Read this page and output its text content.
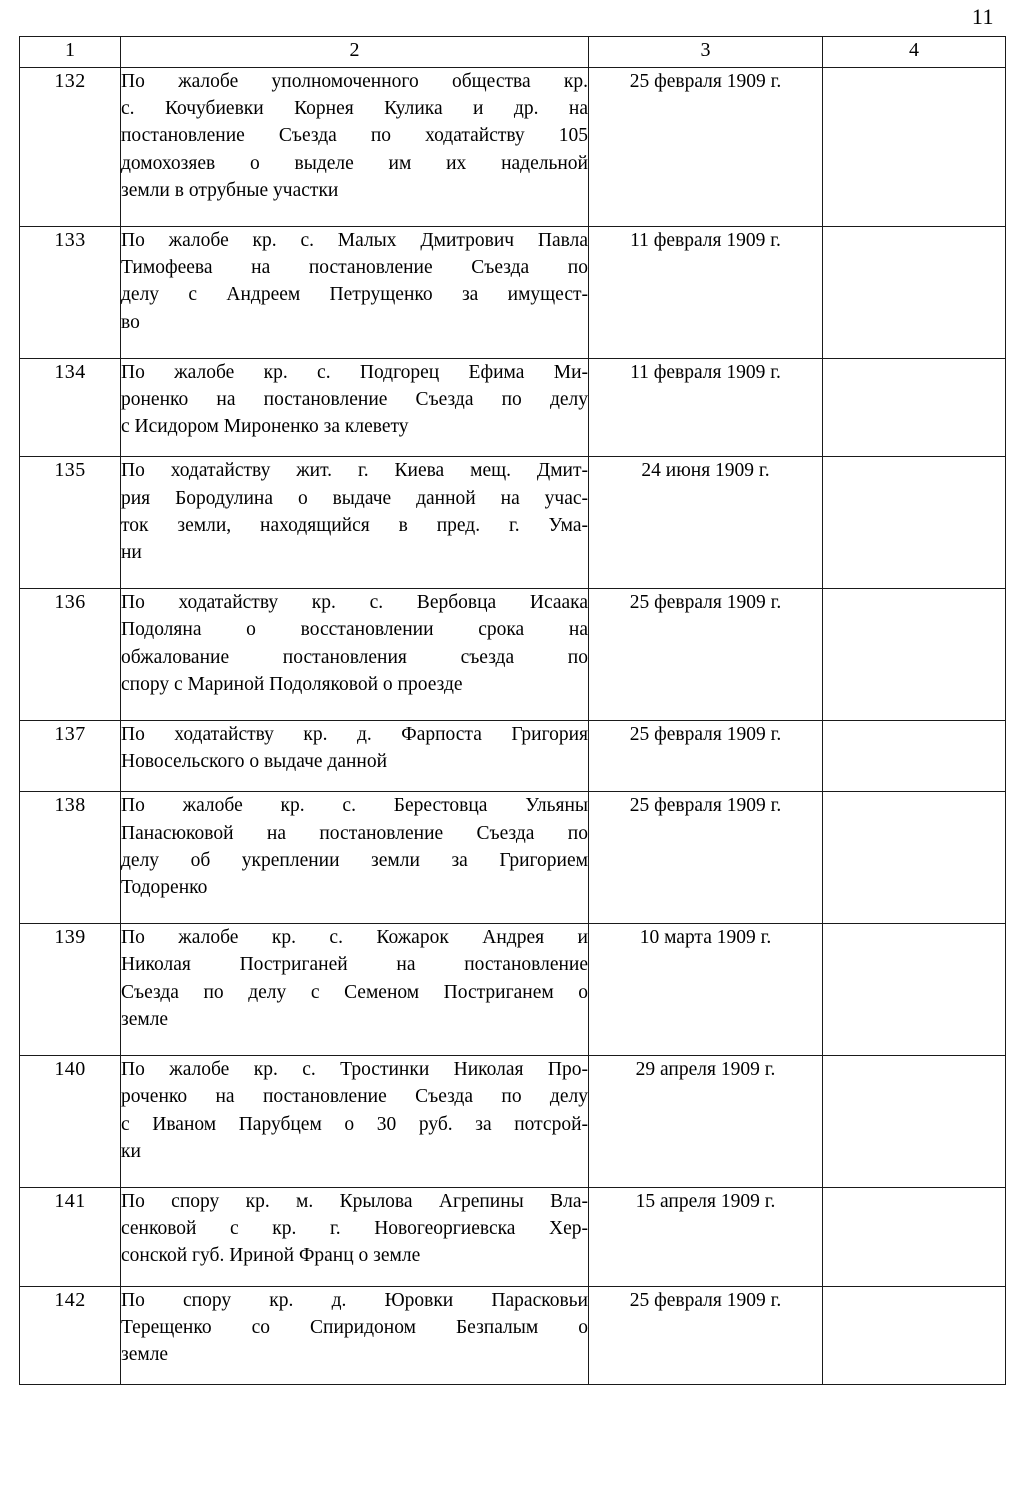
11
1	2	3	4
132	По жалобе уполномоченного общества кр.
с. Кочубиевки Корнея Кулика и др. на
постановление Съезда по ходатайству 105
домохозяев о выделе им их надельной
земли в отрубные участки	25 февраля 1909 г.	
133	По жалобе кр. с. Малых Дмитрович Павла
Тимофеева на постановление Съезда по
делу с Андреем Петрущенко за имущест-
во	11 февраля 1909 г.	
134	По жалобе кр. с. Подгорец Ефима Ми-
роненко на постановление Съезда по делу
с Исидором Мироненко за клевету	11 февраля 1909 г.	
135	По ходатайству жит. г. Киева мещ. Дмит-
рия Бородулина о выдаче данной на учас-
ток земли, находящийся в пред. г. Ума-
ни	24 июня 1909 г.	
136	По ходатайству кр. с. Вербовца Исаака
Подоляна о восстановлении срока на
обжалование постановления съезда по
спору с Мариной Подоляковой о проезде	25 февраля 1909 г.	
137	По ходатайству кр. д. Фарпоста Григория
Новосельского о выдаче данной	25 февраля 1909 г.	
138	По жалобе кр. с. Берестовца Ульяны
Панасюковой на постановление Съезда по
делу об укреплении земли за Григорием
Тодоренко	25 февраля 1909 г.	
139	По жалобе кр. с. Кожарок Андрея и
Николая Постриганей на постановление
Съезда по делу с Семеном Постриганем о
земле	10 марта 1909 г.	
140	По жалобе кр. с. Тростинки Николая Про-
роченко на постановление Съезда по делу
с Иваном Парубцем о 30 руб. за потсрой-
ки	29 апреля 1909 г.	
141	По спору кр. м. Крылова Агрепины Вла-
сенковой с кр. г. Новогеоргиевска Хер-
сонской губ. Ириной Франц о земле	15 апреля 1909 г.	
142	По спору кр. д. Юровки Парасковьи
Терещенко со Спиридоном Безпалым о
земле	25 февраля 1909 г.	
